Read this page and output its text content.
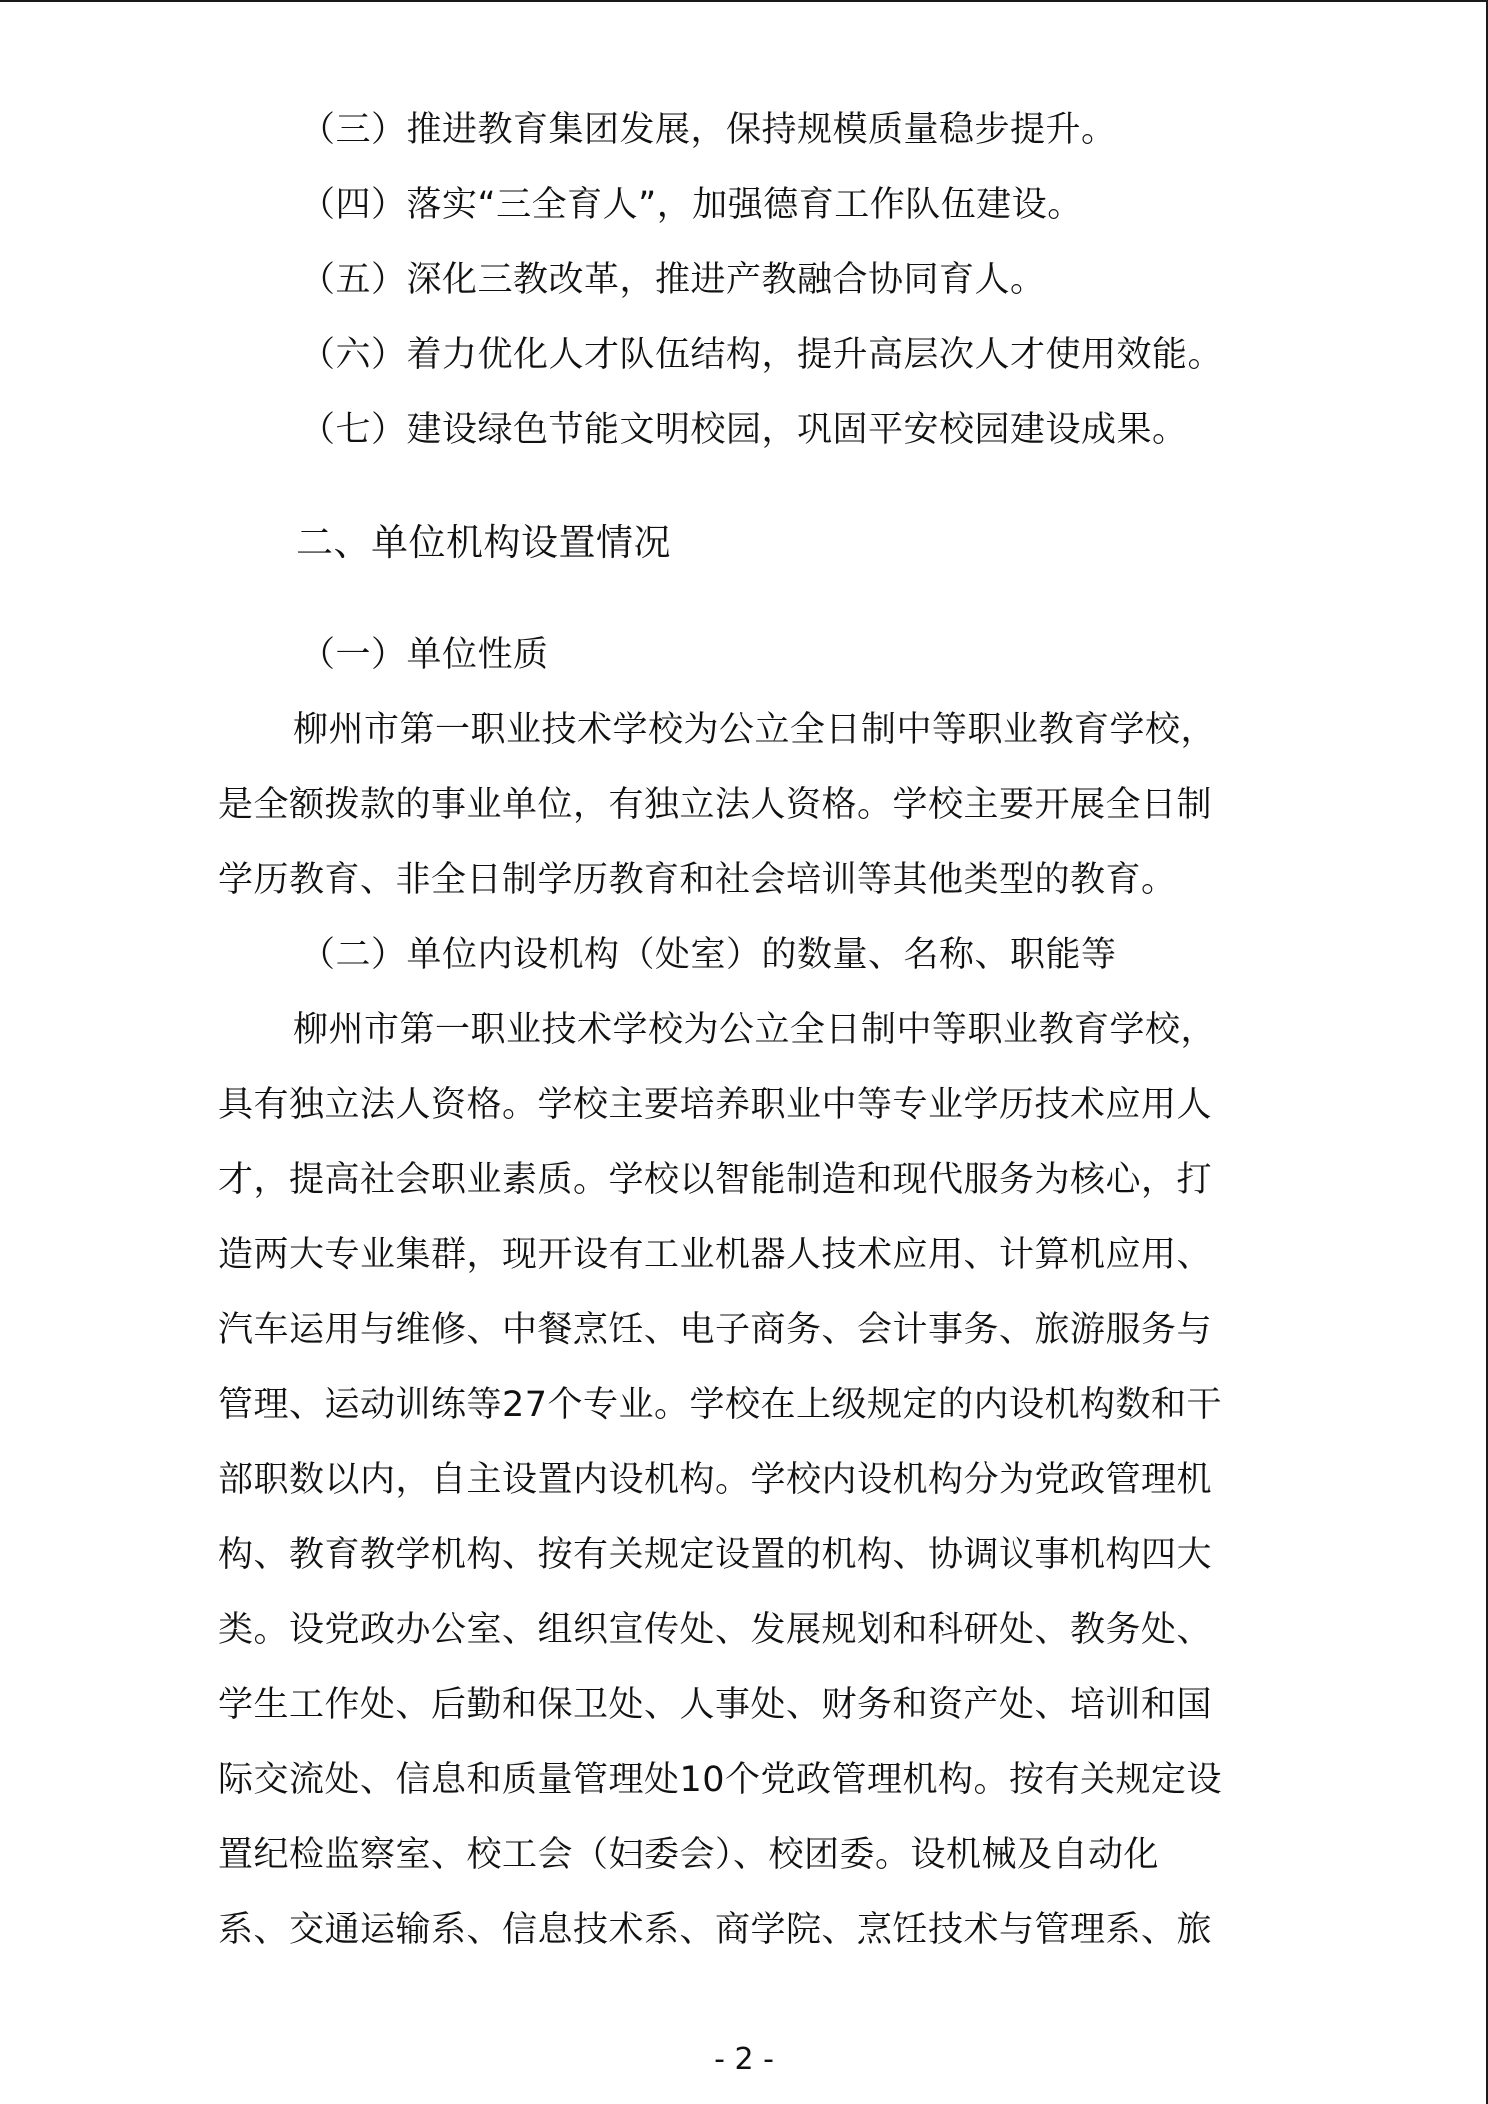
（三）推进教育集团发展，保持规模质量稳步提升。
（四）落实“三全育人”，加强德育工作队伍建设。
（五）深化三教改革，推进产教融合协同育人。
（六）着力优化人才队伍结构，提升高层次人才使用效能。
（七）建设绿色节能文明校园，巩固平安校园建设成果。
二、单位机构设置情况
（一）单位性质
柳州市第一职业技术学校为公立全日制中等职业教育学校，
是全额拨款的事业单位，有独立法人资格。学校主要开展全日制
学历教育、非全日制学历教育和社会培训等其他类型的教育。
（二）单位内设机构（处室）的数量、名称、职能等
柳州市第一职业技术学校为公立全日制中等职业教育学校，
具有独立法人资格。学校主要培养职业中等专业学历技术应用人
才，提高社会职业素质。学校以智能制造和现代服务为核心，打
造两大专业集群，现开设有工业机器人技术应用、计算机应用、
汽车运用与维修、中餐烹饪、电子商务、会计事务、旅游服务与
管理、运动训练等27个专业。学校在上级规定的内设机构数和干
部职数以内，自主设置内设机构。学校内设机构分为党政管理机
构、教育教学机构、按有关规定设置的机构、协调议事机构四大
类。设党政办公室、组织宣传处、发展规划和科研处、教务处、
学生工作处、后勤和保卫处、人事处、财务和资产处、培训和国
际交流处、信息和质量管理处10个党政管理机构。按有关规定设
置纪检监察室、校工会（妇委会）、校团委。设机械及自动化
系、交通运输系、信息技术系、商学院、烹饪技术与管理系、旅
- 2 -
